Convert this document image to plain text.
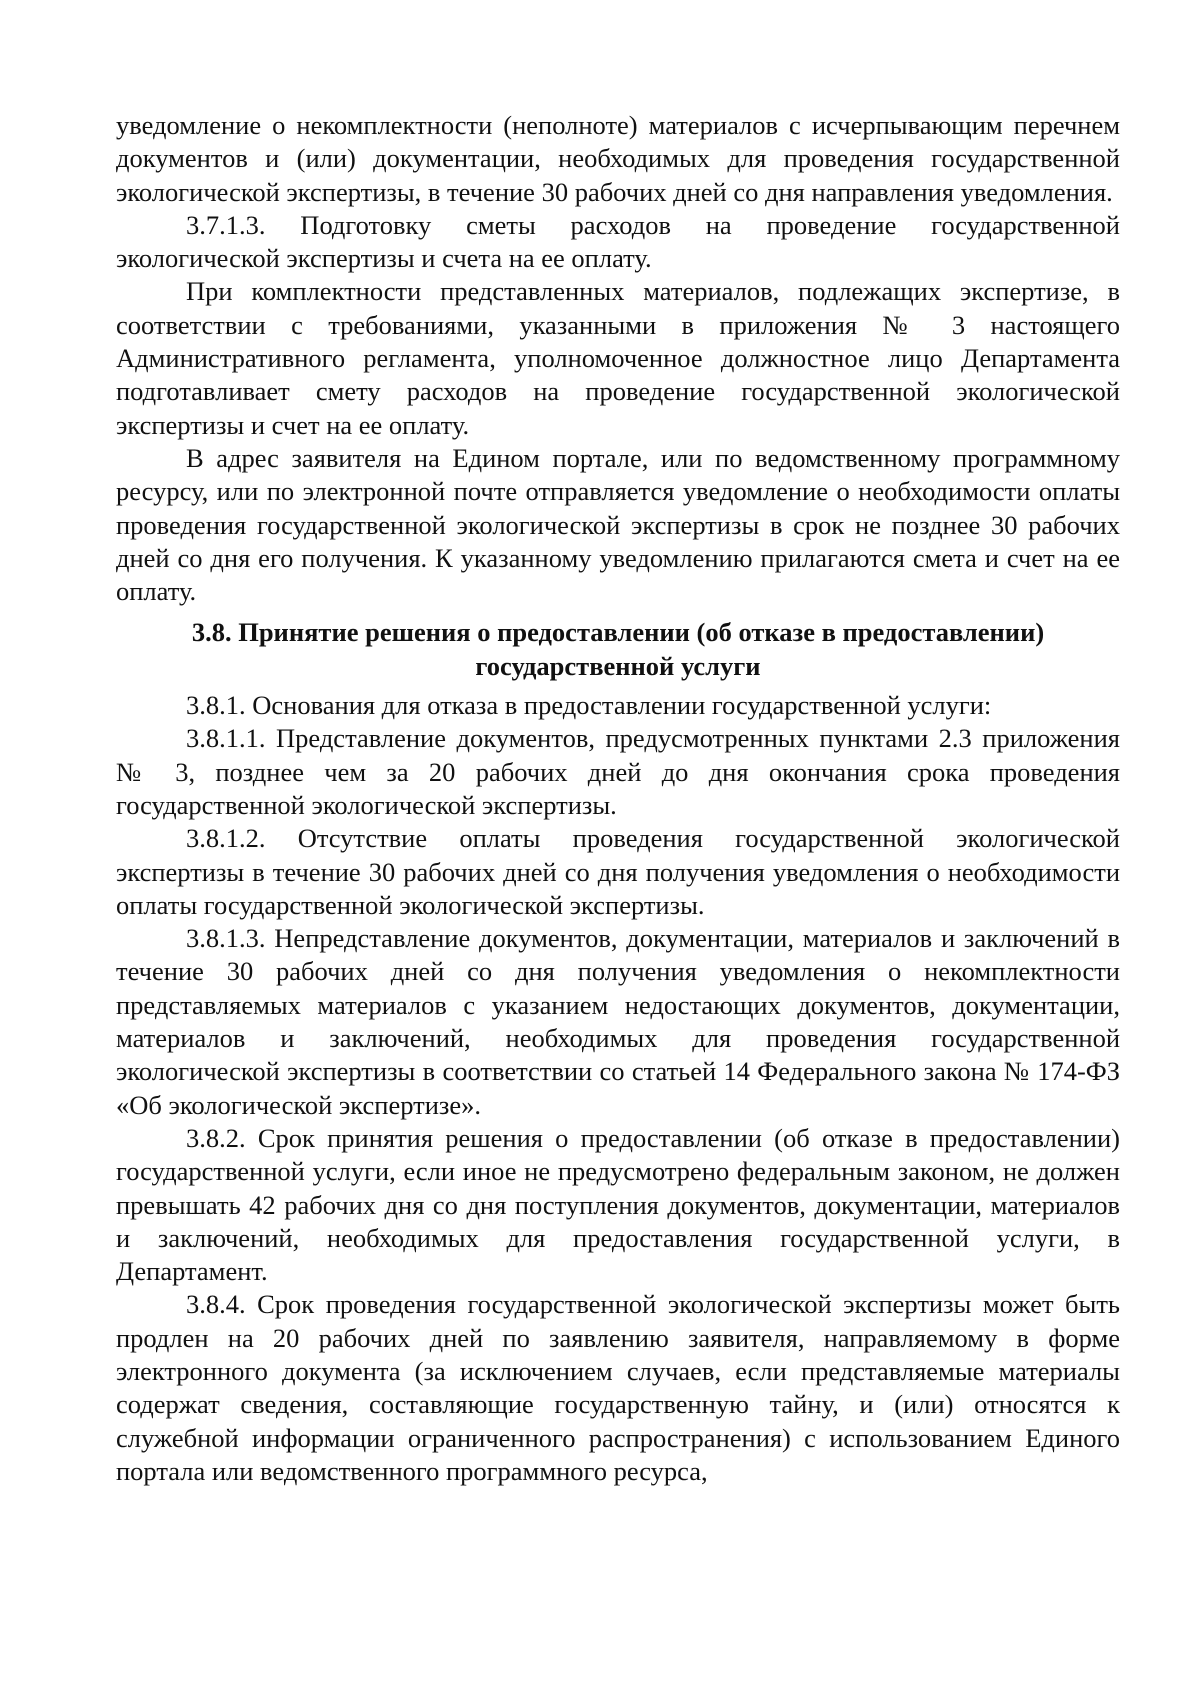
уведомление о некомплектности (неполноте) материалов с исчерпывающим перечнем документов и (или) документации, необходимых для проведения государственной экологической экспертизы, в течение 30 рабочих дней со дня направления уведомления.

3.7.1.3. Подготовку сметы расходов на проведение государственной экологической экспертизы и счета на ее оплату.

При комплектности представленных материалов, подлежащих экспертизе, в соответствии с требованиями, указанными в приложения № 3 настоящего Административного регламента, уполномоченное должностное лицо Департамента подготавливает смету расходов на проведение государственной экологической экспертизы и счет на ее оплату.

В адрес заявителя на Едином портале, или по ведомственному программному ресурсу, или по электронной почте отправляется уведомление о необходимости оплаты проведения государственной экологической экспертизы в срок не позднее 30 рабочих дней со дня его получения. К указанному уведомлению прилагаются смета и счет на ее оплату.

3.8. Принятие решения о предоставлении (об отказе в предоставлении)
государственной услуги

3.8.1. Основания для отказа в предоставлении государственной услуги:

3.8.1.1. Представление документов, предусмотренных пунктами 2.3 приложения № 3, позднее чем за 20 рабочих дней до дня окончания срока проведения государственной экологической экспертизы.

3.8.1.2. Отсутствие оплаты проведения государственной экологической экспертизы в течение 30 рабочих дней со дня получения уведомления о необходимости оплаты государственной экологической экспертизы.

3.8.1.3. Непредставление документов, документации, материалов и заключений в течение 30 рабочих дней со дня получения уведомления о некомплектности представляемых материалов с указанием недостающих документов, документации, материалов и заключений, необходимых для проведения государственной экологической экспертизы в соответствии со статьей 14 Федерального закона № 174-ФЗ «Об экологической экспертизе».

3.8.2. Срок принятия решения о предоставлении (об отказе в предоставлении) государственной услуги, если иное не предусмотрено федеральным законом, не должен превышать 42 рабочих дня со дня поступления документов, документации, материалов и заключений, необходимых для предоставления государственной услуги, в Департамент.

3.8.4. Срок проведения государственной экологической экспертизы может быть продлен на 20 рабочих дней по заявлению заявителя, направляемому в форме электронного документа (за исключением случаев, если представляемые материалы содержат сведения, составляющие государственную тайну, и (или) относятся к служебной информации ограниченного распространения) с использованием Единого портала или ведомственного программного ресурса,
